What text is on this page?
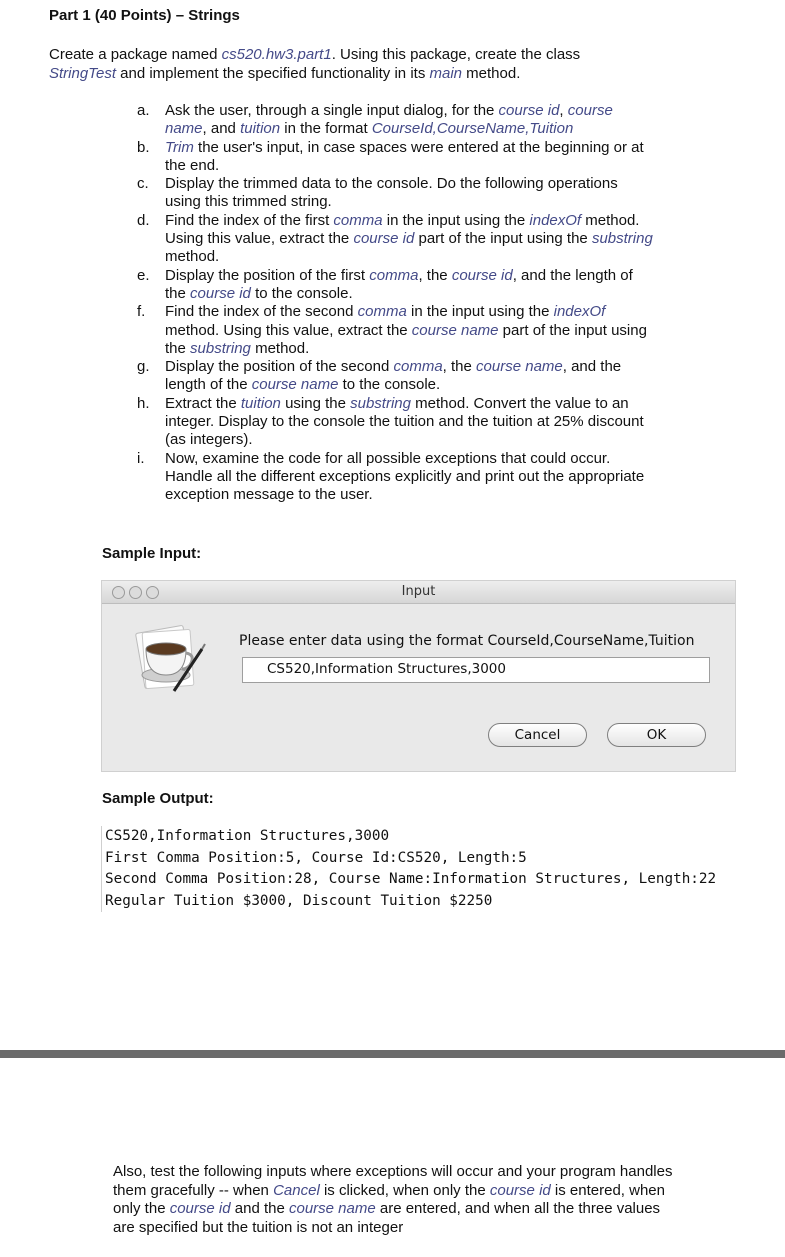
Part 1 (40 Points) – Strings
Create a package named cs520.hw3.part1. Using this package, create the class StringTest and implement the specified functionality in its main method.
a. Ask the user, through a single input dialog, for the course id, course name, and tuition in the format CourseId,CourseName,Tuition
b. Trim the user's input, in case spaces were entered at the beginning or at the end.
c. Display the trimmed data to the console. Do the following operations using this trimmed string.
d. Find the index of the first comma in the input using the indexOf method. Using this value, extract the course id part of the input using the substring method.
e. Display the position of the first comma, the course id, and the length of the course id to the console.
f. Find the index of the second comma in the input using the indexOf method. Using this value, extract the course name part of the input using the substring method.
g. Display the position of the second comma, the course name, and the length of the course name to the console.
h. Extract the tuition using the substring method. Convert the value to an integer. Display to the console the tuition and the tuition at 25% discount (as integers).
i. Now, examine the code for all possible exceptions that could occur. Handle all the different exceptions explicitly and print out the appropriate exception message to the user.
Sample Input:
Input
Please enter data using the format CourseId,CourseName,Tuition
CS520,Information Structures,3000
Cancel	OK
Sample Output:
CS520,Information Structures,3000
First Comma Position:5, Course Id:CS520, Length:5
Second Comma Position:28, Course Name:Information Structures, Length:22
Regular Tuition $3000, Discount Tuition $2250
Also, test the following inputs where exceptions will occur and your program handles them gracefully -- when Cancel is clicked, when only the course id is entered, when only the course id and the course name are entered, and when all the three values are specified but the tuition is not an integer
